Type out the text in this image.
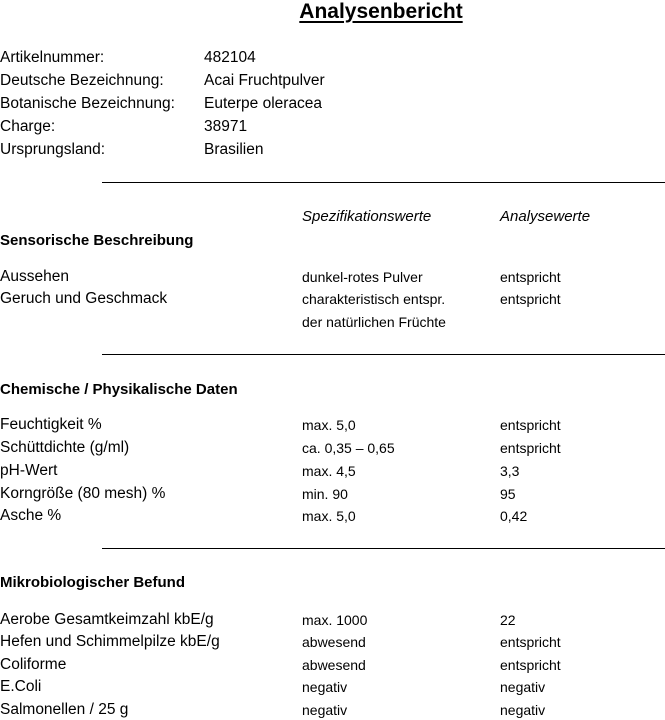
Analysenbericht
Artikelnummer:	482104
Deutsche Bezeichnung:	Acai Fruchtpulver
Botanische Bezeichnung: Euterpe oleracea
Charge:	38971
Ursprungsland:	Brasilien
Spezifikationswerte	Analysewerte
Sensorische Beschreibung
Aussehen	dunkel-rotes Pulver	entspricht
Geruch und Geschmack	charakteristisch entspr.	entspricht
der natürlichen Früchte
Chemische / Physikalische Daten
Feuchtigkeit %	max. 5,0	entspricht
Schüttdichte (g/ml)	ca. 0,35 – 0,65	entspricht
pH-Wert	max. 4,5	3,3
Korngröße (80 mesh) %	min. 90	95
Asche %	max. 5,0	0,42
Mikrobiologischer Befund
Aerobe Gesamtkeimzahl kbE/g	max. 1000	22
Hefen und Schimmelpilze kbE/g	abwesend	entspricht
Coliforme	abwesend	entspricht
E.Coli	negativ	negativ
Salmonellen / 25 g	negativ	negativ
